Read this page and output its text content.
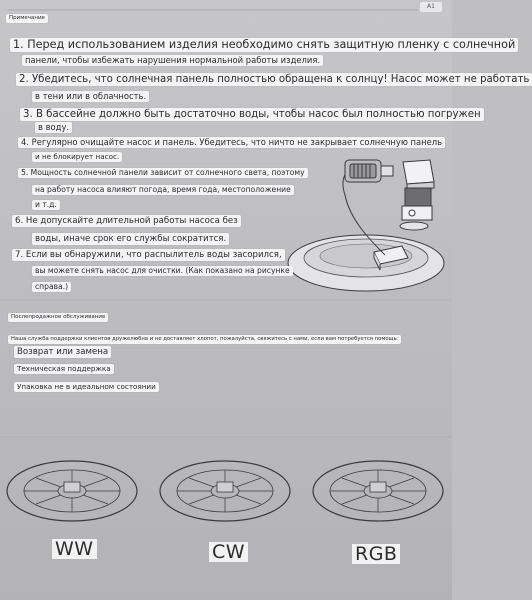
A1
Примечание
1. Перед использованием изделия необходимо снять защитную пленку с солнечной
панели, чтобы избежать нарушения нормальной работы изделия.
2. Убедитесь, что солнечная панель полностью обращена к солнцу! Насос может не работать
в тени или в облачность.
3. В бассейне должно быть достаточно воды, чтобы насос был полностью погружен
в воду.
4. Регулярно очищайте насос и панель. Убедитесь, что ничто не закрывает солнечную панель
и не блокирует насос.
5. Мощность солнечной панели зависит от солнечного света, поэтому
на работу насоса влияют погода, время года, местоположение
и т.д.
6. Не допускайте длительной работы насоса без
воды, иначе срок его службы сократится.
7. Если вы обнаружили, что распылитель воды засорился,
вы можете снять насос для очистки. (Как показано на рисунке
справа.)
Послепродажное обслуживание
Наша служба поддержки клиентов дружелюбна и не доставляет хлопот, пожалуйста, свяжитесь с нами, если вам потребуется помощь:
Возврат или замена
Техническая поддержка
Упаковка не в идеальном состоянии
WW	CW	RGB
